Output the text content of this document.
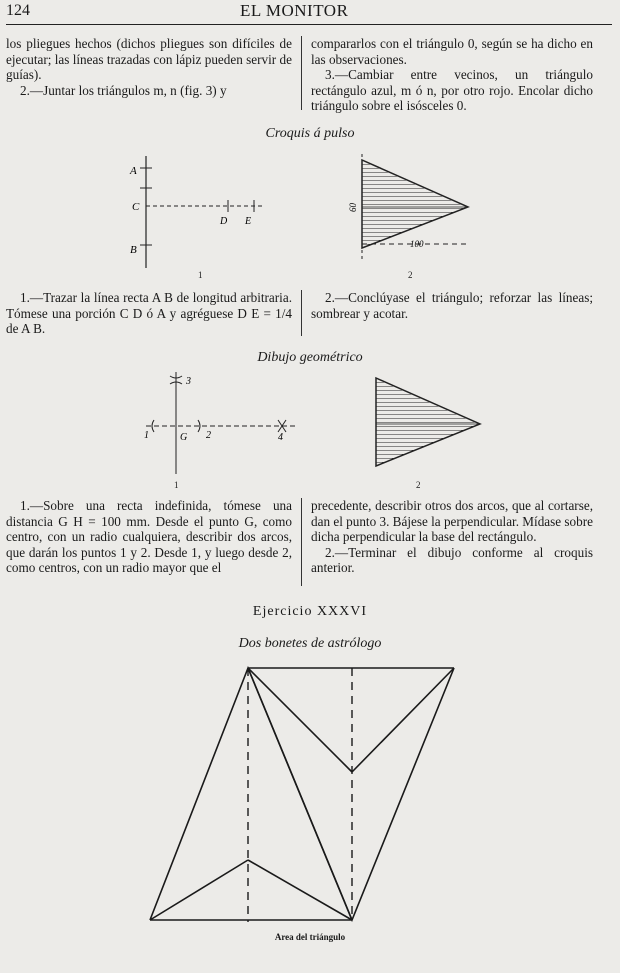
124	EL MONITOR

los pliegues hechos (dichos pliegues son difíciles de ejecutar; las líneas trazadas con lápiz pueden servir de guías).

2.—Juntar los triángulos m, n (fig. 3) y

compararlos con el triángulo 0, según se ha dicho en las observaciones.

3.—Cambiar entre vecinos, un triángulo rectángulo azul, m ó n, por otro rojo. Encolar dicho triángulo sobre el isósceles 0.

Croquis á pulso
A
C
B
D E
1
60
100
2

1.—Trazar la línea recta A B de longitud arbitraria. Tómese una porción C D ó A y agréguese D E = 1/4 de A B.

2.—Conclúyase el triángulo; reforzar las líneas; sombrear y acotar.

Dibujo geométrico
3
1	G 2	4
1	2

1.—Sobre una recta indefinida, tómese una distancia G H = 100 mm. Desde el punto G, como centro, con un radio cualquiera, describir dos arcos, que darán los puntos 1 y 2. Desde 1, y luego desde 2, como centros, con un radio mayor que el

precedente, describir otros dos arcos, que al cortarse, dan el punto 3. Bájese la perpendicular. Mídase sobre dicha perpendicular la base del rectángulo.

2.—Terminar el dibujo conforme al croquis anterior.

Ejercicio XXXVI
Dos bonetes de astrólogo
Area del triángulo
